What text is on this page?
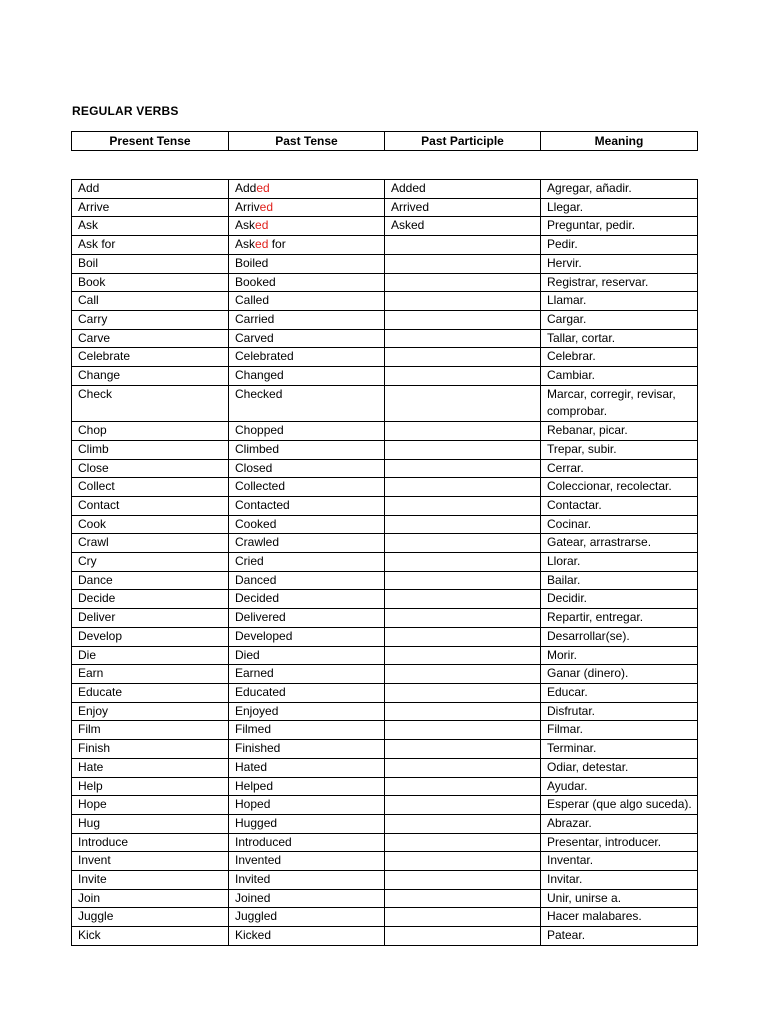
REGULAR VERBS
Present Tense	Past Tense	Past Participle	Meaning
Add	Added	Added	Agregar, añadir.
Arrive	Arrived	Arrived	Llegar.
Ask	Asked	Asked	Preguntar, pedir.
Ask for	Asked for		Pedir.
Boil	Boiled		Hervir.
Book	Booked		Registrar, reservar.
Call	Called		Llamar.
Carry	Carried		Cargar.
Carve	Carved		Tallar, cortar.
Celebrate	Celebrated		Celebrar.
Change	Changed		Cambiar.
Check	Checked		Marcar, corregir, revisar, comprobar.
Chop	Chopped		Rebanar, picar.
Climb	Climbed		Trepar, subir.
Close	Closed		Cerrar.
Collect	Collected		Coleccionar, recolectar.
Contact	Contacted		Contactar.
Cook	Cooked		Cocinar.
Crawl	Crawled		Gatear, arrastrarse.
Cry	Cried		Llorar.
Dance	Danced		Bailar.
Decide	Decided		Decidir.
Deliver	Delivered		Repartir, entregar.
Develop	Developed		Desarrollar(se).
Die	Died		Morir.
Earn	Earned		Ganar (dinero).
Educate	Educated		Educar.
Enjoy	Enjoyed		Disfrutar.
Film	Filmed		Filmar.
Finish	Finished		Terminar.
Hate	Hated		Odiar, detestar.
Help	Helped		Ayudar.
Hope	Hoped		Esperar (que algo suceda).
Hug	Hugged		Abrazar.
Introduce	Introduced		Presentar, introducer.
Invent	Invented		Inventar.
Invite	Invited		Invitar.
Join	Joined		Unir, unirse a.
Juggle	Juggled		Hacer malabares.
Kick	Kicked		Patear.
